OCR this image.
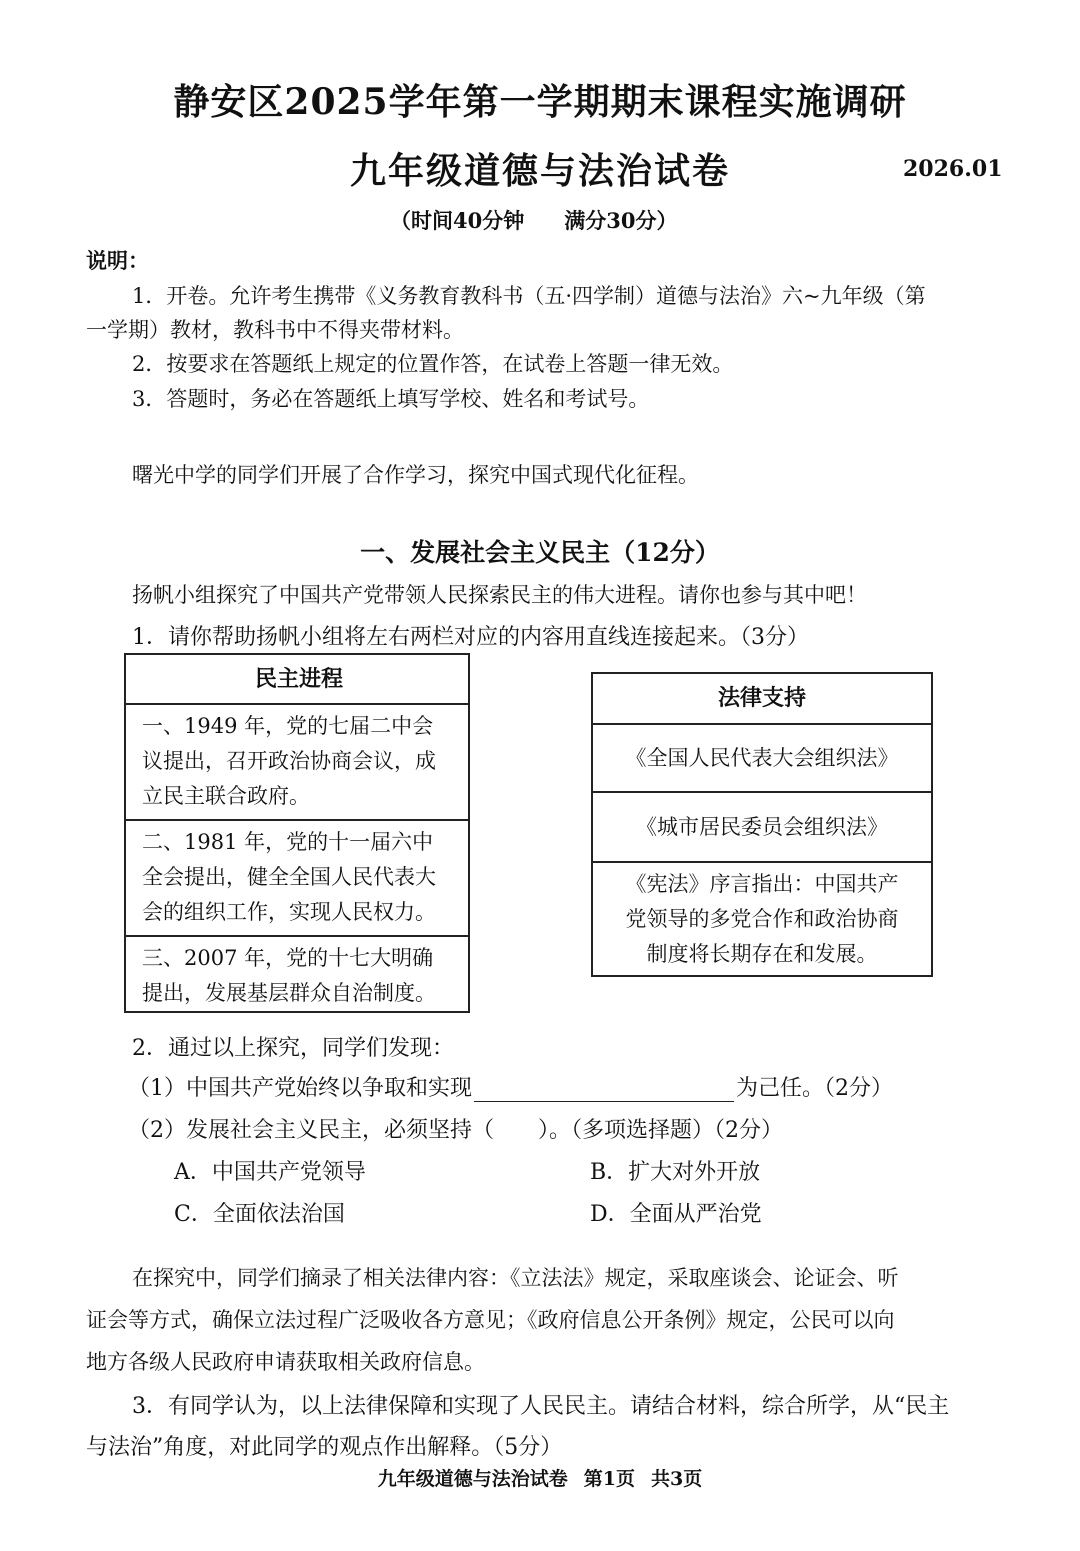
静安区2025学年第一学期期末课程实施调研
九年级道德与法治试卷	2026.01
（时间40分钟 满分30分）
说明：
1．开卷。允许考生携带《义务教育教科书（五·四学制）道德与法治》六~九年级（第
一学期）教材，教科书中不得夹带材料。
2．按要求在答题纸上规定的位置作答，在试卷上答题一律无效。
3．答题时，务必在答题纸上填写学校、姓名和考试号。
曙光中学的同学们开展了合作学习，探究中国式现代化征程。
一、发展社会主义民主（12分）
扬帆小组探究了中国共产党带领人民探索民主的伟大进程。请你也参与其中吧！
1．请你帮助扬帆小组将左右两栏对应的内容用直线连接起来。（3分）
民主进程
一、1949 年，党的七届二中会
议提出，召开政治协商会议，成
立民主联合政府。
二、1981 年，党的十一届六中
全会提出，健全全国人民代表大
会的组织工作，实现人民权力。
三、2007 年，党的十七大明确
提出，发展基层群众自治制度。
法律支持
《全国人民代表大会组织法》
《城市居民委员会组织法》
《宪法》序言指出：中国共产
党领导的多党合作和政治协商
制度将长期存在和发展。
2．通过以上探究，同学们发现：
（1）中国共产党始终以争取和实现	为己任。（2分）
（2）发展社会主义民主，必须坚持（ ）。（多项选择题）（2分）
A．中国共产党领导	B．扩大对外开放
C．全面依法治国	D．全面从严治党
在探究中，同学们摘录了相关法律内容：《立法法》规定，采取座谈会、论证会、听
证会等方式，确保立法过程广泛吸收各方意见；《政府信息公开条例》规定，公民可以向
地方各级人民政府申请获取相关政府信息。
3．有同学认为，以上法律保障和实现了人民民主。请结合材料，综合所学，从“民主
与法治”角度，对此同学的观点作出解释。（5分）
九年级道德与法治试卷 第1页 共3页
